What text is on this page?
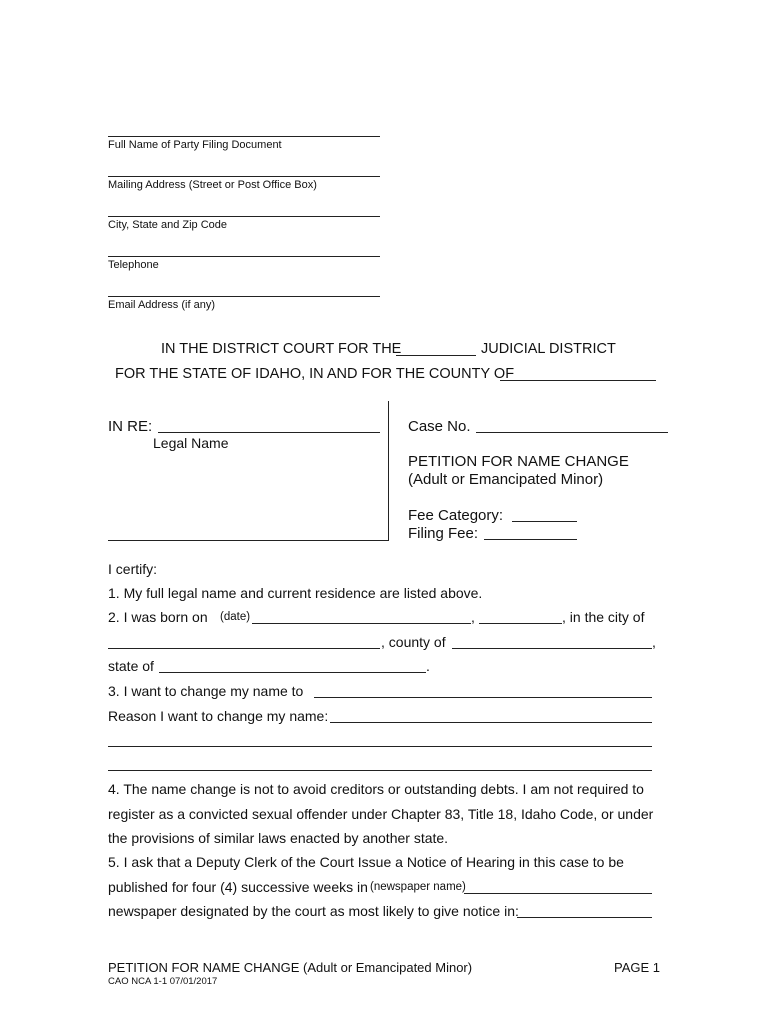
Full Name of Party Filing Document
Mailing Address (Street or Post Office Box)
City, State and Zip Code
Telephone
Email Address (if any)
IN THE DISTRICT COURT FOR THE	JUDICIAL DISTRICT
FOR THE STATE OF IDAHO, IN AND FOR THE COUNTY OF
IN RE:
Legal Name
Case No.
PETITION FOR NAME CHANGE
(Adult or Emancipated Minor)
Fee Category:
Filing Fee:
I certify:
1. My full legal name and current residence are listed above.
2. I was born on (date)	,	, in the city of
, county of	,
state of	.
3. I want to change my name to
Reason I want to change my name:
4. The name change is not to avoid creditors or outstanding debts. I am not required to
register as a convicted sexual offender under Chapter 83, Title 18, Idaho Code, or under
the provisions of similar laws enacted by another state.
5. I ask that a Deputy Clerk of the Court Issue a Notice of Hearing in this case to be
published for four (4) successive weeks in (newspaper name)
newspaper designated by the court as most likely to give notice in:
PETITION FOR NAME CHANGE (Adult or Emancipated Minor)	PAGE 1
CAO NCA 1-1 07/01/2017
